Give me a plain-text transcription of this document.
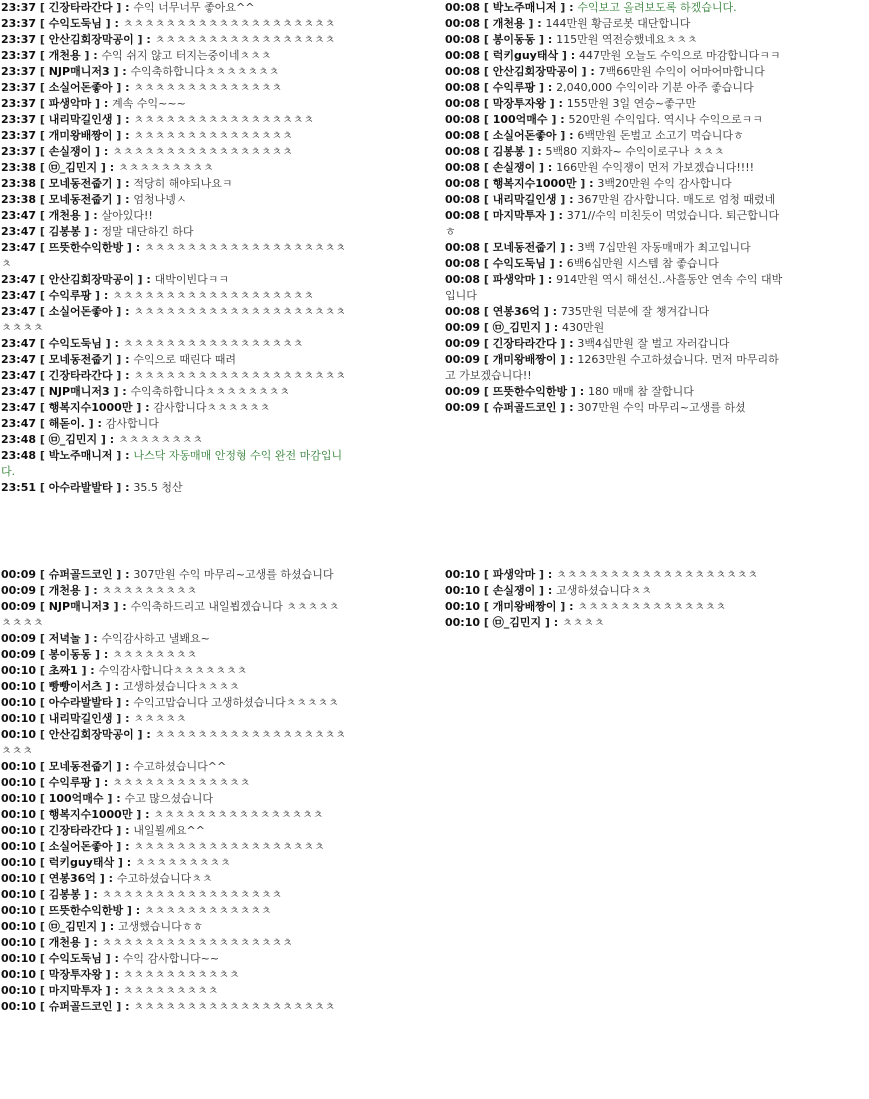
23:37 [ 긴장타라간다 ] : 수익 너무너무 좋아요^^
23:37 [ 수익도둑님 ] : ㅊㅊㅊㅊㅊㅊㅊㅊㅊㅊㅊㅊㅊㅊㅊㅊㅊㅊㅊㅊ
23:37 [ 안산김회장막공이 ] : ㅊㅊㅊㅊㅊㅊㅊㅊㅊㅊㅊㅊㅊㅊㅊㅊㅊ
23:37 [ 개천용 ] : 수익 쉬지 않고 터지는중이네ㅊㅊㅊ
23:37 [ NJP매니저3 ] : 수익축하합니다ㅊㅊㅊㅊㅊㅊㅊ
23:37 [ 소실어돈좋아 ] : ㅊㅊㅊㅊㅊㅊㅊㅊㅊㅊㅊㅊㅊㅊ
23:37 [ 파생악마 ] : 계속 수익~~~
23:37 [ 내리막길인생 ] : ㅊㅊㅊㅊㅊㅊㅊㅊㅊㅊㅊㅊㅊㅊㅊㅊㅊ
23:37 [ 개미왕배짱이 ] : ㅊㅊㅊㅊㅊㅊㅊㅊㅊㅊㅊㅊㅊㅊㅊ
23:37 [ 손실쟁이 ] : ㅊㅊㅊㅊㅊㅊㅊㅊㅊㅊㅊㅊㅊㅊㅊㅊㅊ
23:38 [ ㉤_김민지 ] : ㅊㅊㅊㅊㅊㅊㅊㅊㅊ
23:38 [ 모네동전줍기 ] : 적당히 해야되나요ㅋ
23:38 [ 모네동전줍기 ] : 엄청나넹ㅅ
23:47 [ 개천용 ] : 살아있다!!
23:47 [ 김봉봉 ] : 정말 대단하긴 하다
23:47 [ 뜨뜻한수익한방 ] : ㅊㅊㅊㅊㅊㅊㅊㅊㅊㅊㅊㅊㅊㅊㅊㅊㅊㅊㅊㅊ
23:47 [ 안산김회장막공이 ] : 대박이빈다ㅋㅋ
23:47 [ 수익루팡 ] : ㅊㅊㅊㅊㅊㅊㅊㅊㅊㅊㅊㅊㅊㅊㅊㅊㅊㅊㅊ
23:47 [ 소실어돈좋아 ] : ㅊㅊㅊㅊㅊㅊㅊㅊㅊㅊㅊㅊㅊㅊㅊㅊㅊㅊㅊㅊㅊㅊㅊㅊ
23:47 [ 수익도둑님 ] : ㅊㅊㅊㅊㅊㅊㅊㅊㅊㅊㅊㅊㅊㅊㅊㅊㅊ
23:47 [ 모네동전줍기 ] : 수익으로 때린다 때려
23:47 [ 긴장타라간다 ] : ㅊㅊㅊㅊㅊㅊㅊㅊㅊㅊㅊㅊㅊㅊㅊㅊㅊㅊㅊㅊ
23:47 [ NJP매니저3 ] : 수익축하합니다ㅊㅊㅊㅊㅊㅊㅊㅊ
23:47 [ 행복지수1000만 ] : 감사합니다ㅊㅊㅊㅊㅊㅊ
23:47 [ 해돋이. ] : 감사합니다
23:48 [ ㉤_김민지 ] : ㅊㅊㅊㅊㅊㅊㅊㅊ
23:48 [ 박노주매니저 ] : 나스닥 자동매매 안정형 수익 완전 마감입니다.
23:51 [ 아수라발발타 ] : 35.5 청산
00:08 [ 박노주매니저 ] : 수익보고 올려보도록 하겠습니다.
00:08 [ 개천용 ] : 144만원 황금로봇 대단합니다
00:08 [ 봉이동동 ] : 115만원 역전승했네요ㅊㅊㅊ
00:08 [ 럭키guy태삭 ] : 447만원 오늘도 수익으로 마감합니다ㅋㅋ
00:08 [ 안산김회장막공이 ] : 7백66만원 수익이 어마어마합니다
00:08 [ 수익루팡 ] : 2,040,000 수익이라 기분 아주 좋습니다
00:08 [ 막장투자왕 ] : 155만원 3일 연승~좋구만
00:08 [ 100억매수 ] : 520만원 수익입다. 역시나 수익으로ㅋㅋ
00:08 [ 소실어돈좋아 ] : 6백만원 돈벌고 소고기 먹습니다ㅎ
00:08 [ 김봉봉 ] : 5백80 지화자~ 수익이로구나 ㅊㅊㅊ
00:08 [ 손실쟁이 ] : 166만원 수익쟁이 먼저 가보겠습니다!!!!
00:08 [ 행복지수1000만 ] : 3백20만원 수익 감사합니다
00:08 [ 내리막길인생 ] : 367만원 감사합니다. 매도로 엄청 때렸네
00:08 [ 마지막투자 ] : 371//수익 미친듯이 먹었습니다. 퇴근합니다ㅎ
00:08 [ 모네동전줍기 ] : 3백 7십만원 자동매매가 최고입니다
00:08 [ 수익도둑님 ] : 6백6십만원 시스템 참 좋습니다
00:08 [ 파생악마 ] : 914만원 역시 해선신..사흘동안 연속 수익 대박입니다
00:08 [ 연봉36억 ] : 735만원 덕분에 잘 챙겨갑니다
00:09 [ ㉤_김민지 ] : 430만원
00:09 [ 긴장타라간다 ] : 3백4십만원 잘 벌고 자러갑니다
00:09 [ 개미왕배짱이 ] : 1263만원 수고하셨습니다. 먼저 마무리하고 가보겠습니다!!
00:09 [ 뜨뜻한수익한방 ] : 180 매매 참 잘합니다
00:09 [ 슈퍼골드코인 ] : 307만원 수익 마무리~고생를 하셨
00:09 [ 슈퍼골드코인 ] : 307만원 수익 마무리~고생를 하셨습니다
00:09 [ 개천용 ] : ㅊㅊㅊㅊㅊㅊㅊㅊㅊ
00:09 [ NJP매니저3 ] : 수익축하드리고 내일뵙겠습니다 ㅊㅊㅊㅊㅊㅊㅊㅊㅊ
00:09 [ 저녁놀 ] : 수익감사하고 낼봬요~
00:09 [ 봉이동동 ] : ㅊㅊㅊㅊㅊㅊㅊㅊ
00:10 [ 초짜1 ] : 수익감사합니다ㅊㅊㅊㅊㅊㅊㅊ
00:10 [ 빵빵이서츠 ] : 고생하셨습니다ㅊㅊㅊㅊ
00:10 [ 아수라발발타 ] : 수익고맙습니다 고생하셨습니다ㅊㅊㅊㅊㅊ
00:10 [ 내리막길인생 ] : ㅊㅊㅊㅊㅊ
00:10 [ 안산김회장막공이 ] : ㅊㅊㅊㅊㅊㅊㅊㅊㅊㅊㅊㅊㅊㅊㅊㅊㅊㅊㅊㅊㅊ
00:10 [ 모네동전줍기 ] : 수고하셨습니다^^
00:10 [ 수익루팡 ] : ㅊㅊㅊㅊㅊㅊㅊㅊㅊㅊㅊㅊㅊ
00:10 [ 100억매수 ] : 수고 많으셨습니다
00:10 [ 행복지수1000만 ] : ㅊㅊㅊㅊㅊㅊㅊㅊㅊㅊㅊㅊㅊㅊㅊㅊ
00:10 [ 긴장타라간다 ] : 내일뵐께요^^
00:10 [ 소실어돈좋아 ] : ㅊㅊㅊㅊㅊㅊㅊㅊㅊㅊㅊㅊㅊㅊㅊㅊㅊㅊ
00:10 [ 럭키guy태삭 ] : ㅊㅊㅊㅊㅊㅊㅊㅊㅊ
00:10 [ 연봉36억 ] : 수고하셨습니다ㅊㅊ
00:10 [ 김봉봉 ] : ㅊㅊㅊㅊㅊㅊㅊㅊㅊㅊㅊㅊㅊㅊㅊㅊㅊ
00:10 [ 뜨뜻한수익한방 ] : ㅊㅊㅊㅊㅊㅊㅊㅊㅊㅊㅊㅊ
00:10 [ ㉤_김민지 ] : 고생했습니다ㅎㅎ
00:10 [ 개천용 ] : ㅊㅊㅊㅊㅊㅊㅊㅊㅊㅊㅊㅊㅊㅊㅊㅊㅊㅊ
00:10 [ 수익도둑님 ] : 수익 감사합니다~~
00:10 [ 막장투자왕 ] : ㅊㅊㅊㅊㅊㅊㅊㅊㅊㅊㅊ
00:10 [ 마지막투자 ] : ㅊㅊㅊㅊㅊㅊㅊㅊㅊ
00:10 [ 슈퍼골드코인 ] : ㅊㅊㅊㅊㅊㅊㅊㅊㅊㅊㅊㅊㅊㅊㅊㅊㅊㅊㅊ
00:10 [ 파생악마 ] : ㅊㅊㅊㅊㅊㅊㅊㅊㅊㅊㅊㅊㅊㅊㅊㅊㅊㅊㅊ
00:10 [ 손실쟁이 ] : 고생하셨습니다ㅊㅊ
00:10 [ 개미왕배짱이 ] : ㅊㅊㅊㅊㅊㅊㅊㅊㅊㅊㅊㅊㅊㅊ
00:10 [ ㉤_김민지 ] : ㅊㅊㅊㅊ
